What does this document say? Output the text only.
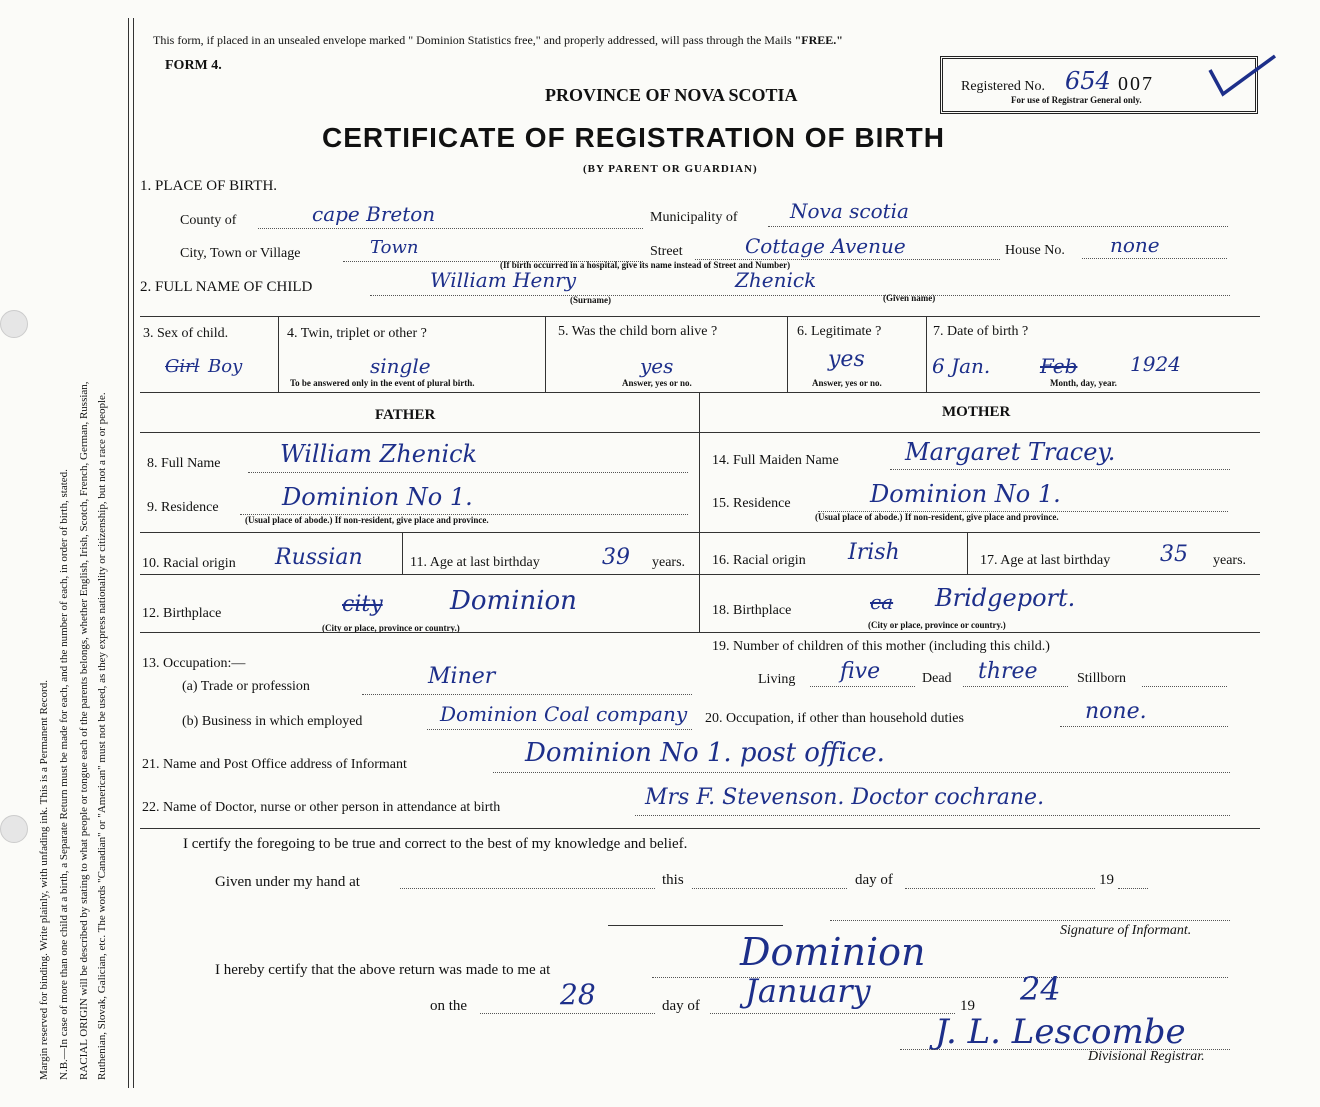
Margin reserved for binding. Write plainly, with unfading ink. This is a Permanent Record. N.B.—In case of more than one child at a birth, a Separate Return must be made for each, and the number of each, in order of birth, stated. RACIAL ORIGIN will be described by stating to what people or tongue each of the parents belongs, whether English, Irish, Scotch, French, German, Russian, Ruthenian, Slovak, Galician, etc. The words "Canadian" or "American" must not be used, as they express nationality or citizenship, but not a race or people.
This form, if placed in an unsealed envelope marked " Dominion Statistics free," and properly addressed, will pass through the Mails "FREE."
FORM 4.
Registered No. 654 007
For use of Registrar General only.
PROVINCE OF NOVA SCOTIA
CERTIFICATE OF REGISTRATION OF BIRTH
(BY PARENT OR GUARDIAN)
1. PLACE OF BIRTH.
County of	cape Breton	Municipality of	Nova scotia
City, Town or Village	Town	Street	Cottage Avenue	House No. none
(If birth occurred in a hospital, give its name instead of Street and Number)
2. FULL NAME OF CHILD	William Henry	Zhenick
(Surname)	(Given name)
3. Sex of child.
Girl Boy
4. Twin, triplet or other ?
single
To be answered only in the event of plural birth.
5. Was the child born alive ?
yes
Answer, yes or no.
6. Legitimate ?
yes
Answer, yes or no.
7. Date of birth ?
6 Jan. Feb	1924
Month, day, year.
FATHER	MOTHER
8. Full Name William Zhenick
9. Residence	Dominion No 1.
(Usual place of abode.) If non-resident, give place and province.
10. Racial origin Russian	11. Age at last birthday	39 years.
12. Birthplace	city	Dominion
(City or place, province or country.)
14. Full Maiden Name	Margaret Tracey.
15. Residence	Dominion No 1.
(Usual place of abode.) If non-resident, give place and province.
16. Racial origin Irish	17. Age at last birthday 35 years.
18. Birthplace	ca Bridgeport.
(City or place, province or country.)
13. Occupation:—
(a) Trade or profession	Miner
(b) Business in which employed	Dominion Coal company
19. Number of children of this mother (including this child.)
Living five	Dead three	Stillborn
20. Occupation, if other than household duties	none.
21. Name and Post Office address of Informant	Dominion No 1. post office.
22. Name of Doctor, nurse or other person in attendance at birth	Mrs F. Stevenson. Doctor cochrane.
I certify the foregoing to be true and correct to the best of my knowledge and belief.
Given under my hand at	this	day of	19
Signature of Informant.
I hereby certify that the above return was made to me at	Dominion
on the	28	day of January	19 24
J. L. Lescombe
Divisional Registrar.
